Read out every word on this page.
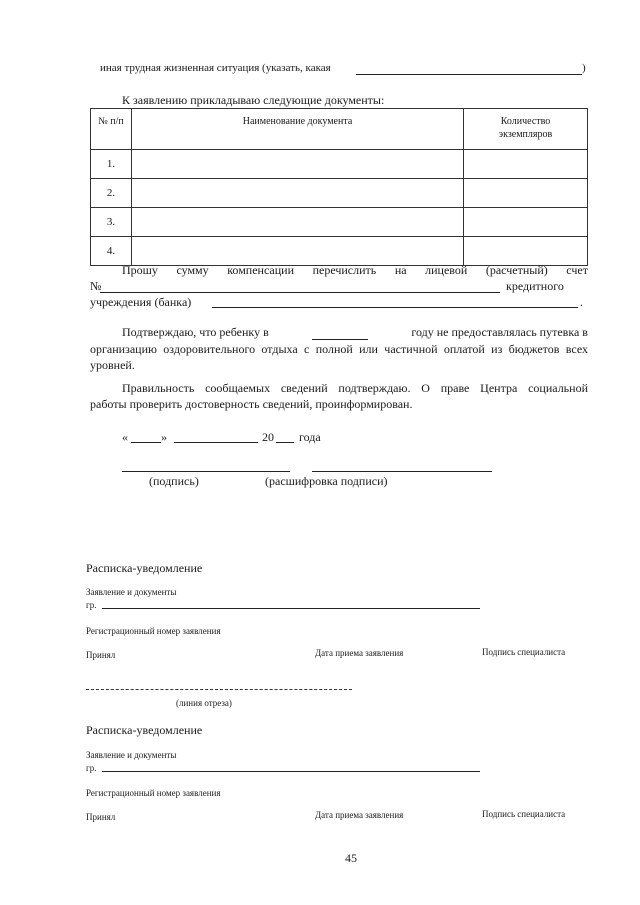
иная трудная жизненная ситуация (указать, какая	)
К заявлению прикладываю следующие документы:
№ п/п	Наименование документа	Количество
экземпляров
1.		
2.		
3.		
4.		
Прошу сумму компенсации перечислить на лицевой (расчетный) счет
№	кредитного
учреждения (банка)	.
Подтверждаю, что ребенку в	году не предоставлялась путевка в
организацию оздоровительного отдыха с полной или частичной оплатой из бюджетов всех уровней.
Правильность сообщаемых сведений подтверждаю. О праве Центра социальной
работы проверить достоверность сведений, проинформирован.
«	»	20 года
(подпись)	(расшифровка подписи)
Расписка-уведомление
Заявление и документы
гр.
Регистрационный номер заявления
Принял	Дата приема заявления	Подпись специалиста
(линия отреза)
Расписка-уведомление
Заявление и документы
гр.
Регистрационный номер заявления
Принял	Дата приема заявления	Подпись специалиста
45
